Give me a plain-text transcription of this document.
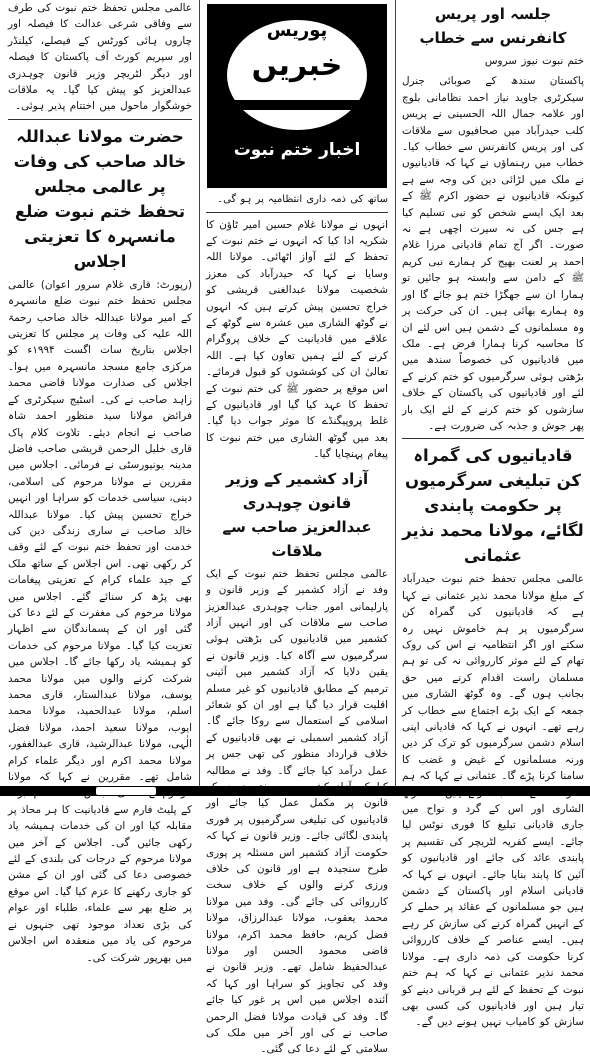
جلسہ اور پریس کانفرنس سے خطاب
ختم نبوت نیوز سروس
پاکستان سندھ کے صوبائی جنرل سیکرٹری جاوید نیاز احمد نظامانی بلوچ اور علامہ جمال اللہ الحسینی نے پریس کلب حیدرآباد میں صحافیوں سے ملاقات کی اور پریس کانفرنس سے خطاب کیا۔ خطاب میں رہنماؤں نے کہا کہ قادیانیوں نے ملک میں لڑائی دین کی وجہ سے ہے کیونکہ قادیانیوں نے حضور اکرم ﷺ کے بعد ایک ایسے شخص کو نبی تسلیم کیا ہے جس کی نہ سیرت اچھی ہے نہ صورت۔ اگر آج تمام قادیانی مرزا غلام احمد پر لعنت بھیج کر ہمارے نبی کریم ﷺ کے دامن سے وابستہ ہو جائیں تو ہمارا ان سے جھگڑا ختم ہو جائے گا اور وہ ہمارے بھائی ہیں۔ ان کی حرکت پر وہ مسلمانوں کے دشمن ہیں اس لئے ان کا محاسبہ کرنا ہمارا فرض ہے۔ ملک میں قادیانیوں کی خصوصاً سندھ میں بڑھتی ہوئی سرگرمیوں کو ختم کرنے کے لئے اور قادیانیوں کی پاکستان کے خلاف سازشوں کو ختم کرنے کے لئے ایک بار پھر جوش و جذبہ کی ضرورت ہے۔
قادیانیوں کی گمراہ کن تبلیغی سرگرمیوں پر حکومت پابندی لگائے، مولانا محمد نذیر عثمانی
عالمی مجلس تحفظ ختم نبوت حیدرآباد کے مبلغ مولانا محمد نذیر عثمانی نے کہا ہے کہ قادیانیوں کی گمراہ کن سرگرمیوں پر ہم خاموش نہیں رہ سکتے اور اگر انتظامیہ نے اس کی روک تھام کے لئے موثر کارروائی نہ کی تو ہم مسلمان راست اقدام کرنے میں حق بجانب ہوں گے۔ وہ گوٹھ الشاری میں جمعہ کے ایک بڑے اجتماع سے خطاب کر رہے تھے۔ انہوں نے کہا کہ قادیانی اپنی اسلام دشمن سرگرمیوں کو ترک کر دیں ورنہ مسلمانوں کے غیض و غضب کا سامنا کرنا پڑے گا۔ عثمانی نے کہا کہ ہم الشاری اور اس کے گرد و نواح میں جاری قادیانی تبلیغ کا فوری نوٹس لیا جائے۔ ایسے کفریہ لٹریچر کی تقسیم پر پابندی عائد کی جائے اور قادیانیوں کو آئین کا پابند بنایا جائے۔ انہوں نے کہا کہ قادیانی اسلام اور پاکستان کے دشمن ہیں جو مسلمانوں کے عقائد پر حملے کر کے انہیں گمراہ کرنے کی سازش کر رہے ہیں۔ ایسے عناصر کے خلاف کارروائی کرنا حکومت کی ذمہ داری ہے۔ مولانا محمد نذیر عثمانی نے کہا کہ ہم ختم نبوت کے تحفظ کے لئے ہر قربانی دینے کو تیار ہیں اور قادیانیوں کی کسی بھی سازش کو کامیاب نہیں ہونے دیں گے۔
پوریس
خبریں
اخبار ختم نبوت
ساتھ کی ذمہ داری انتظامیہ پر ہو گی۔
انہوں نے مولانا غلام حسین امیر ٹاؤن کا شکریہ ادا کیا کہ انہوں نے ختم نبوت کے تحفظ کے لئے آواز اٹھائی۔ مولانا اللہ وسایا نے کہا کہ حیدرآباد کی معزز شخصیت مولانا عبدالغنی قریشی کو خراج تحسین پیش کرتے ہیں کہ انہوں نے گوٹھ الشاری میں عشرہ سے گوٹھ کے علاقے میں قادیانیت کے خلاف پروگرام کرنے کے لئے ہمیں تعاون کیا ہے۔ اللہ تعالیٰ ان کی کوششوں کو قبول فرمائے۔ اس موقع پر حضور ﷺ کی ختم نبوت کے تحفظ کا عہد کیا گیا اور قادیانیوں کے غلط پروپیگنڈے کا موثر جواب دیا گیا۔ بعد میں گوٹھ الشاری میں ختم نبوت کا پیغام پہنچایا گیا۔
آزاد کشمیر کے وزیر قانون چوہدری عبدالعزیز صاحب سے ملاقات
عالمی مجلس تحفظ ختم نبوت کے ایک وفد نے آزاد کشمیر کے وزیر قانون و پارلیمانی امور جناب چوہدری عبدالعزیز صاحب سے ملاقات کی اور انہیں آزاد کشمیر میں قادیانیوں کی بڑھتی ہوئی سرگرمیوں سے آگاہ کیا۔ وزیر قانون نے یقین دلایا کہ آزاد کشمیر میں آئینی ترمیم کے مطابق قادیانیوں کو غیر مسلم اقلیت قرار دیا گیا ہے اور ان کو شعائر اسلامی کے استعمال سے روکا جائے گا۔ آزاد کشمیر اسمبلی نے بھی قادیانیوں کے خلاف قرارداد منظور کی تھی جس پر عمل درآمد کیا جائے گا۔ وفد نے مطالبہ قانون پر مکمل عمل کیا جائے اور قادیانیوں کی تبلیغی سرگرمیوں پر فوری پابندی لگائی جائے۔ وزیر قانون نے کہا کہ حکومت آزاد کشمیر اس مسئلہ پر پوری طرح سنجیدہ ہے اور قانون کی خلاف ورزی کرنے والوں کے خلاف سخت کارروائی کی جائے گی۔ وفد میں مولانا محمد یعقوب، مولانا عبدالرزاق، مولانا فضل کریم، حافظ محمد اکرم، مولانا قاضی محمود الحسن اور مولانا عبدالحفیظ شامل تھے۔ وزیر قانون نے وفد کی تجاویز کو سراہا اور کہا کہ آئندہ اجلاس میں اس پر غور کیا جائے گا۔ وفد کی قیادت مولانا فضل الرحمن صاحب نے کی اور آخر میں ملک کی سلامتی کے لئے دعا کی گئی۔
عالمی مجلس تحفظ ختم نبوت کی طرف سے وفاقی شرعی عدالت کا فیصلہ اور چاروں ہائی کورٹس کے فیصلے، کیلنڈر اور سپریم کورٹ آف پاکستان کا فیصلہ اور دیگر لٹریچر وزیر قانون چوہدری عبدالعزیز کو پیش کیا گیا۔ یہ ملاقات خوشگوار ماحول میں اختتام پذیر ہوئی۔
حضرت مولانا عبداللہ خالد صاحب کی وفات پر عالمی مجلس تحفظ ختم نبوت ضلع مانسہرہ کا تعزیتی اجلاس
(رپورٹ: قاری غلام سرور اعوان) عالمی مجلس تحفظ ختم نبوت ضلع مانسہرہ کے امیر مولانا عبداللہ خالد صاحب رحمۃ اللہ علیہ کی وفات پر مجلس کا تعزیتی اجلاس بتاریخ سات اگست ۱۹۹۴ء کو مرکزی جامع مسجد مانسہرہ میں ہوا۔ اجلاس کی صدارت مولانا قاضی محمد زاہد صاحب نے کی۔ اسٹیج سیکرٹری کے فرائض مولانا سید منظور احمد شاہ صاحب نے انجام دیئے۔ تلاوت کلام پاک قاری خلیل الرحمن قریشی صاحب فاضل مدینہ یونیورسٹی نے فرمائی۔ اجلاس میں مقررین نے مولانا مرحوم کی اسلامی، دینی، سیاسی خدمات کو سراہا اور انہیں خراج تحسین پیش کیا۔ مولانا عبداللہ خالد صاحب نے ساری زندگی دین کی خدمت اور تحفظ ختم نبوت کے لئے وقف کر رکھی تھی۔ اس اجلاس کے ساتھ ملک کے جید علماء کرام کے تعزیتی پیغامات بھی پڑھ کر سنائے گئے۔ اجلاس میں مولانا مرحوم کی مغفرت کے لئے دعا کی گئی اور ان کے پسماندگان سے اظہار تعزیت کیا گیا۔ مولانا مرحوم کی خدمات کو ہمیشہ یاد رکھا جائے گا۔ اجلاس میں شرکت کرنے والوں میں مولانا محمد یوسف، مولانا عبدالستار، قاری محمد اسلم، مولانا عبدالحمید، مولانا محمد ایوب، مولانا سعید احمد، مولانا فضل الٰہی، مولانا عبدالرشید، قاری عبدالغفور، مولانا محمد اکرم اور دیگر علماء کرام شامل تھے۔ مقررین نے کہا کہ مولانا کے پلیٹ فارم سے قادیانیت کا ہر محاذ پر مقابلہ کیا اور ان کی خدمات ہمیشہ یاد رکھی جائیں گی۔ اجلاس کے آخر میں مولانا مرحوم کے درجات کی بلندی کے لئے خصوصی دعا کی گئی اور ان کے مشن کو جاری رکھنے کا عزم کیا گیا۔ اس موقع پر ضلع بھر سے علماء، طلباء اور عوام کی بڑی تعداد موجود تھی جنہوں نے مرحوم کی یاد میں منعقدہ اس اجلاس میں بھرپور شرکت کی۔
